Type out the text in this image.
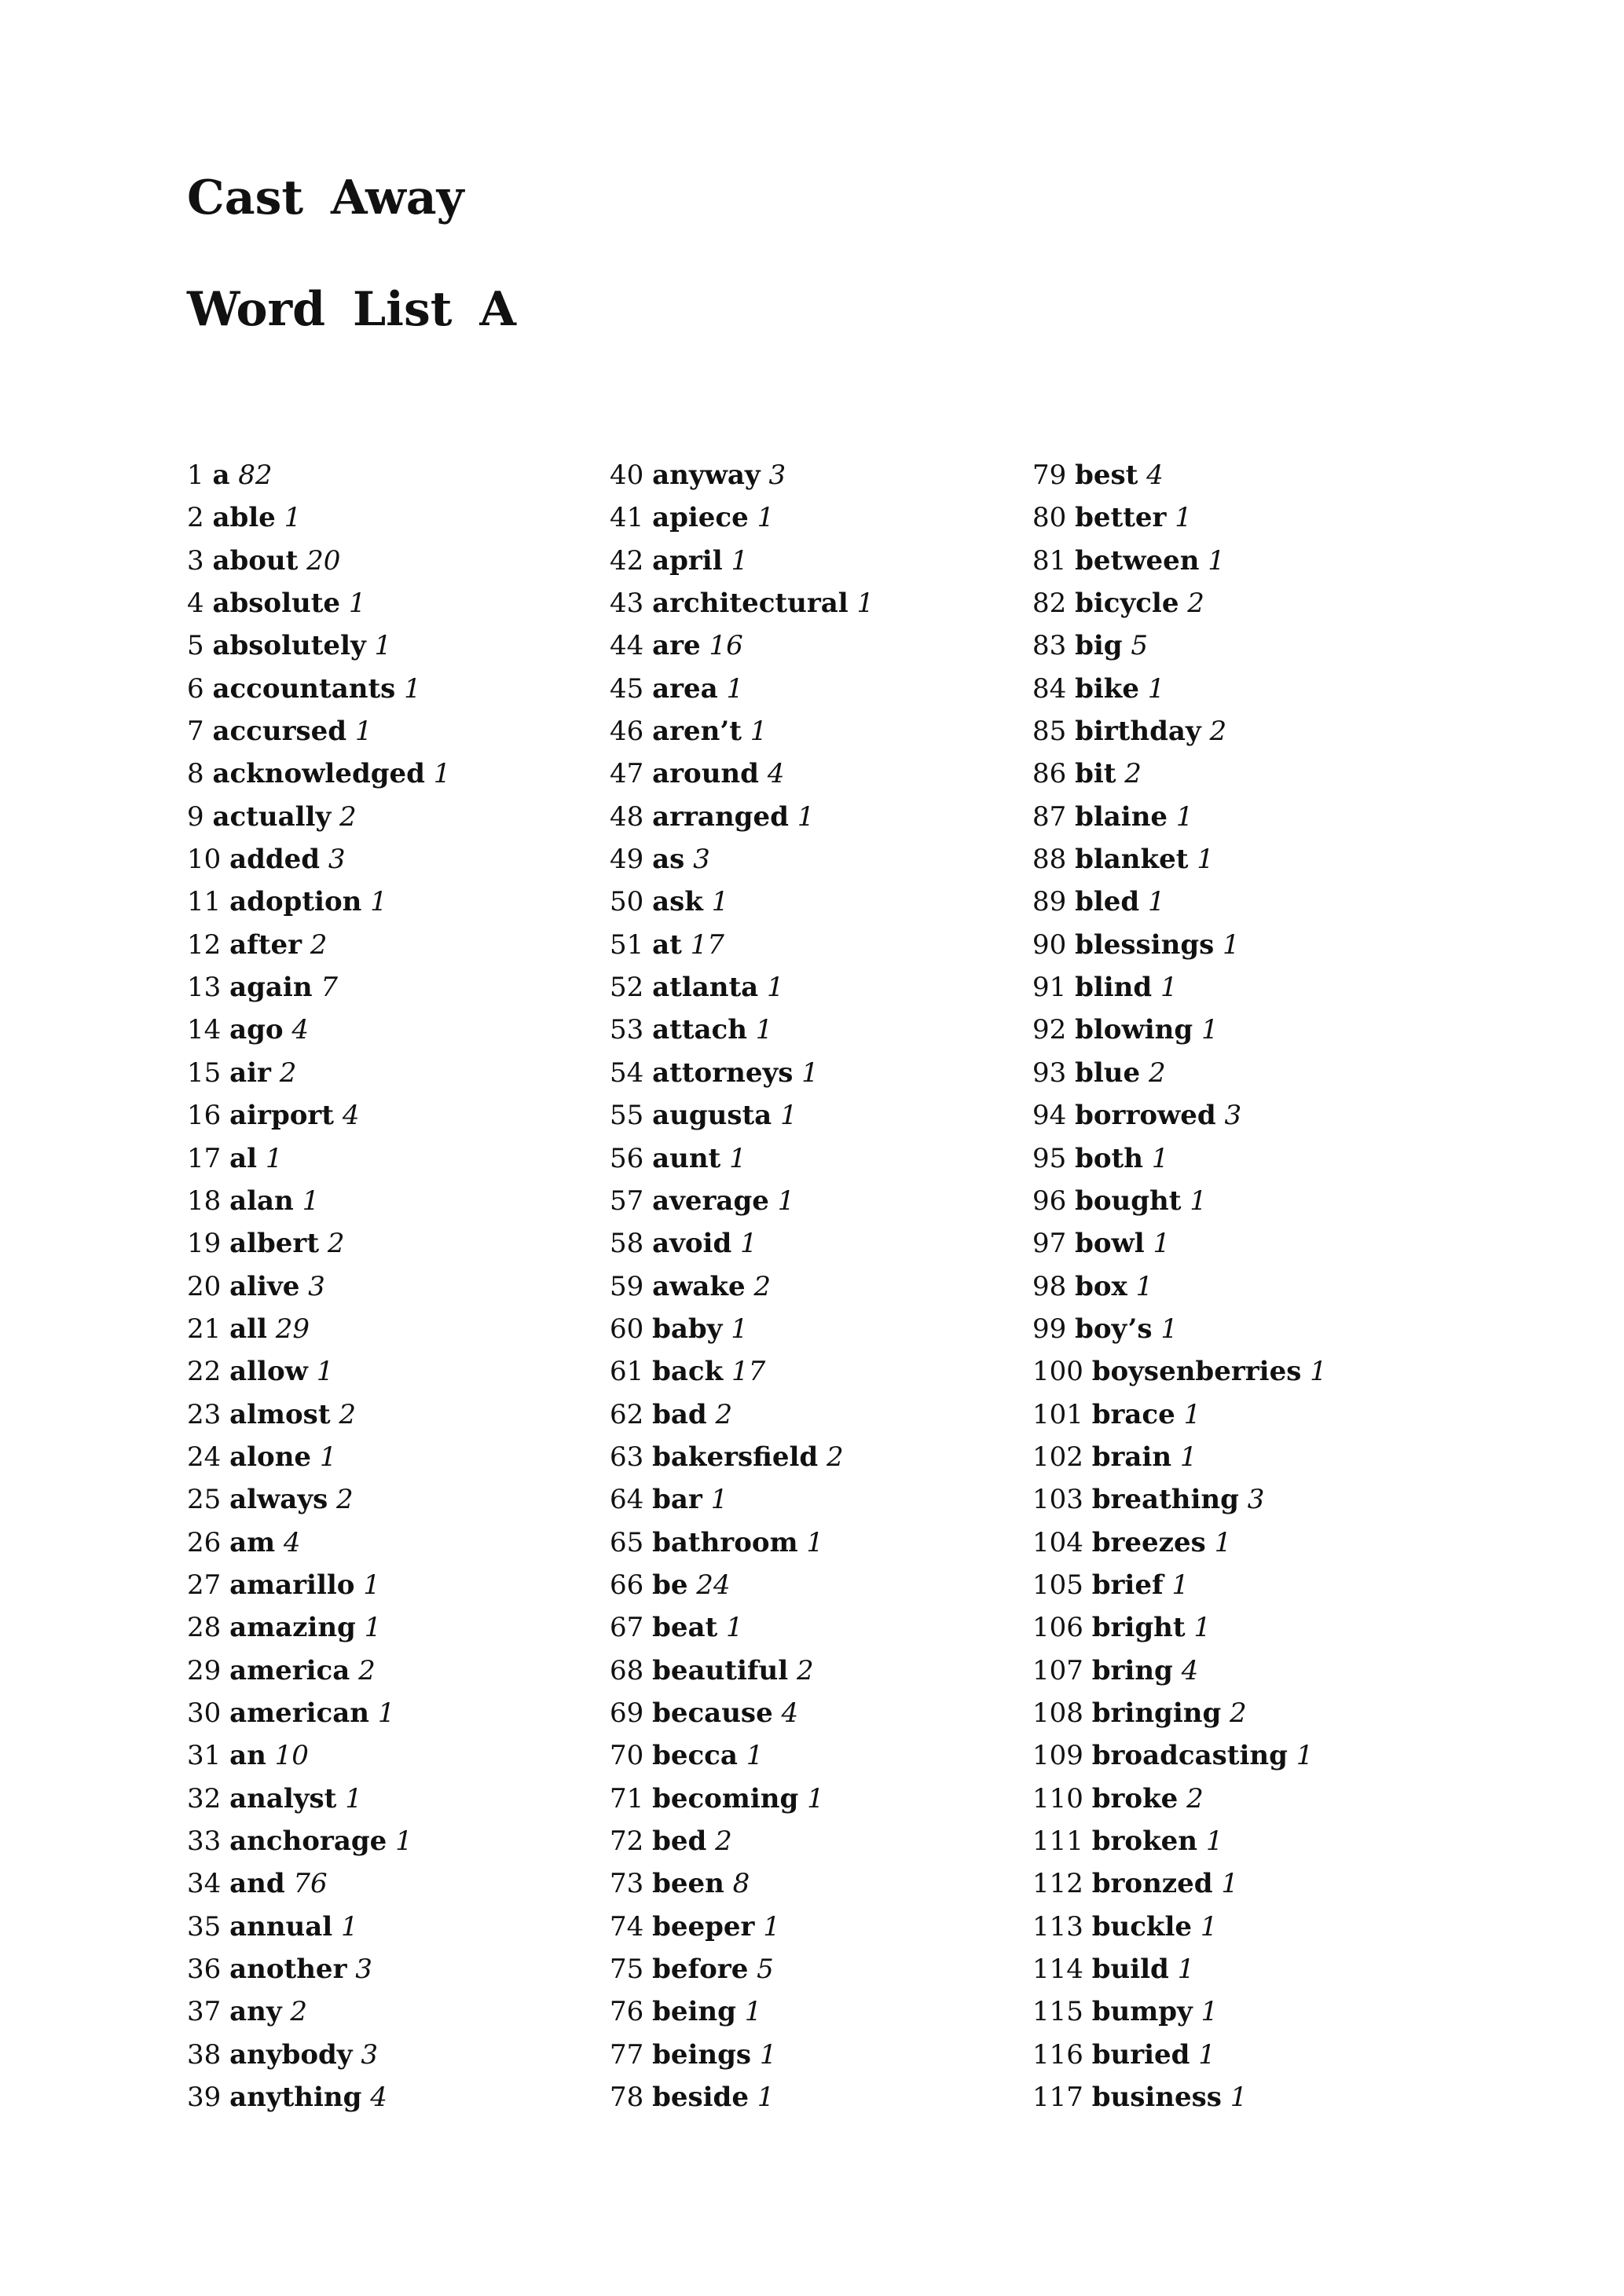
Cast Away
Word List A
1 a 82
2 able 1
3 about 20
4 absolute 1
5 absolutely 1
6 accountants 1
7 accursed 1
8 acknowledged 1
9 actually 2
10 added 3
11 adoption 1
12 after 2
13 again 7
14 ago 4
15 air 2
16 airport 4
17 al 1
18 alan 1
19 albert 2
20 alive 3
21 all 29
22 allow 1
23 almost 2
24 alone 1
25 always 2
26 am 4
27 amarillo 1
28 amazing 1
29 america 2
30 american 1
31 an 10
32 analyst 1
33 anchorage 1
34 and 76
35 annual 1
36 another 3
37 any 2
38 anybody 3
39 anything 4
40 anyway 3
41 apiece 1
42 april 1
43 architectural 1
44 are 16
45 area 1
46 aren’t 1
47 around 4
48 arranged 1
49 as 3
50 ask 1
51 at 17
52 atlanta 1
53 attach 1
54 attorneys 1
55 augusta 1
56 aunt 1
57 average 1
58 avoid 1
59 awake 2
60 baby 1
61 back 17
62 bad 2
63 bakersfield 2
64 bar 1
65 bathroom 1
66 be 24
67 beat 1
68 beautiful 2
69 because 4
70 becca 1
71 becoming 1
72 bed 2
73 been 8
74 beeper 1
75 before 5
76 being 1
77 beings 1
78 beside 1
79 best 4
80 better 1
81 between 1
82 bicycle 2
83 big 5
84 bike 1
85 birthday 2
86 bit 2
87 blaine 1
88 blanket 1
89 bled 1
90 blessings 1
91 blind 1
92 blowing 1
93 blue 2
94 borrowed 3
95 both 1
96 bought 1
97 bowl 1
98 box 1
99 boy’s 1
100 boysenberries 1
101 brace 1
102 brain 1
103 breathing 3
104 breezes 1
105 brief 1
106 bright 1
107 bring 4
108 bringing 2
109 broadcasting 1
110 broke 2
111 broken 1
112 bronzed 1
113 buckle 1
114 build 1
115 bumpy 1
116 buried 1
117 business 1
